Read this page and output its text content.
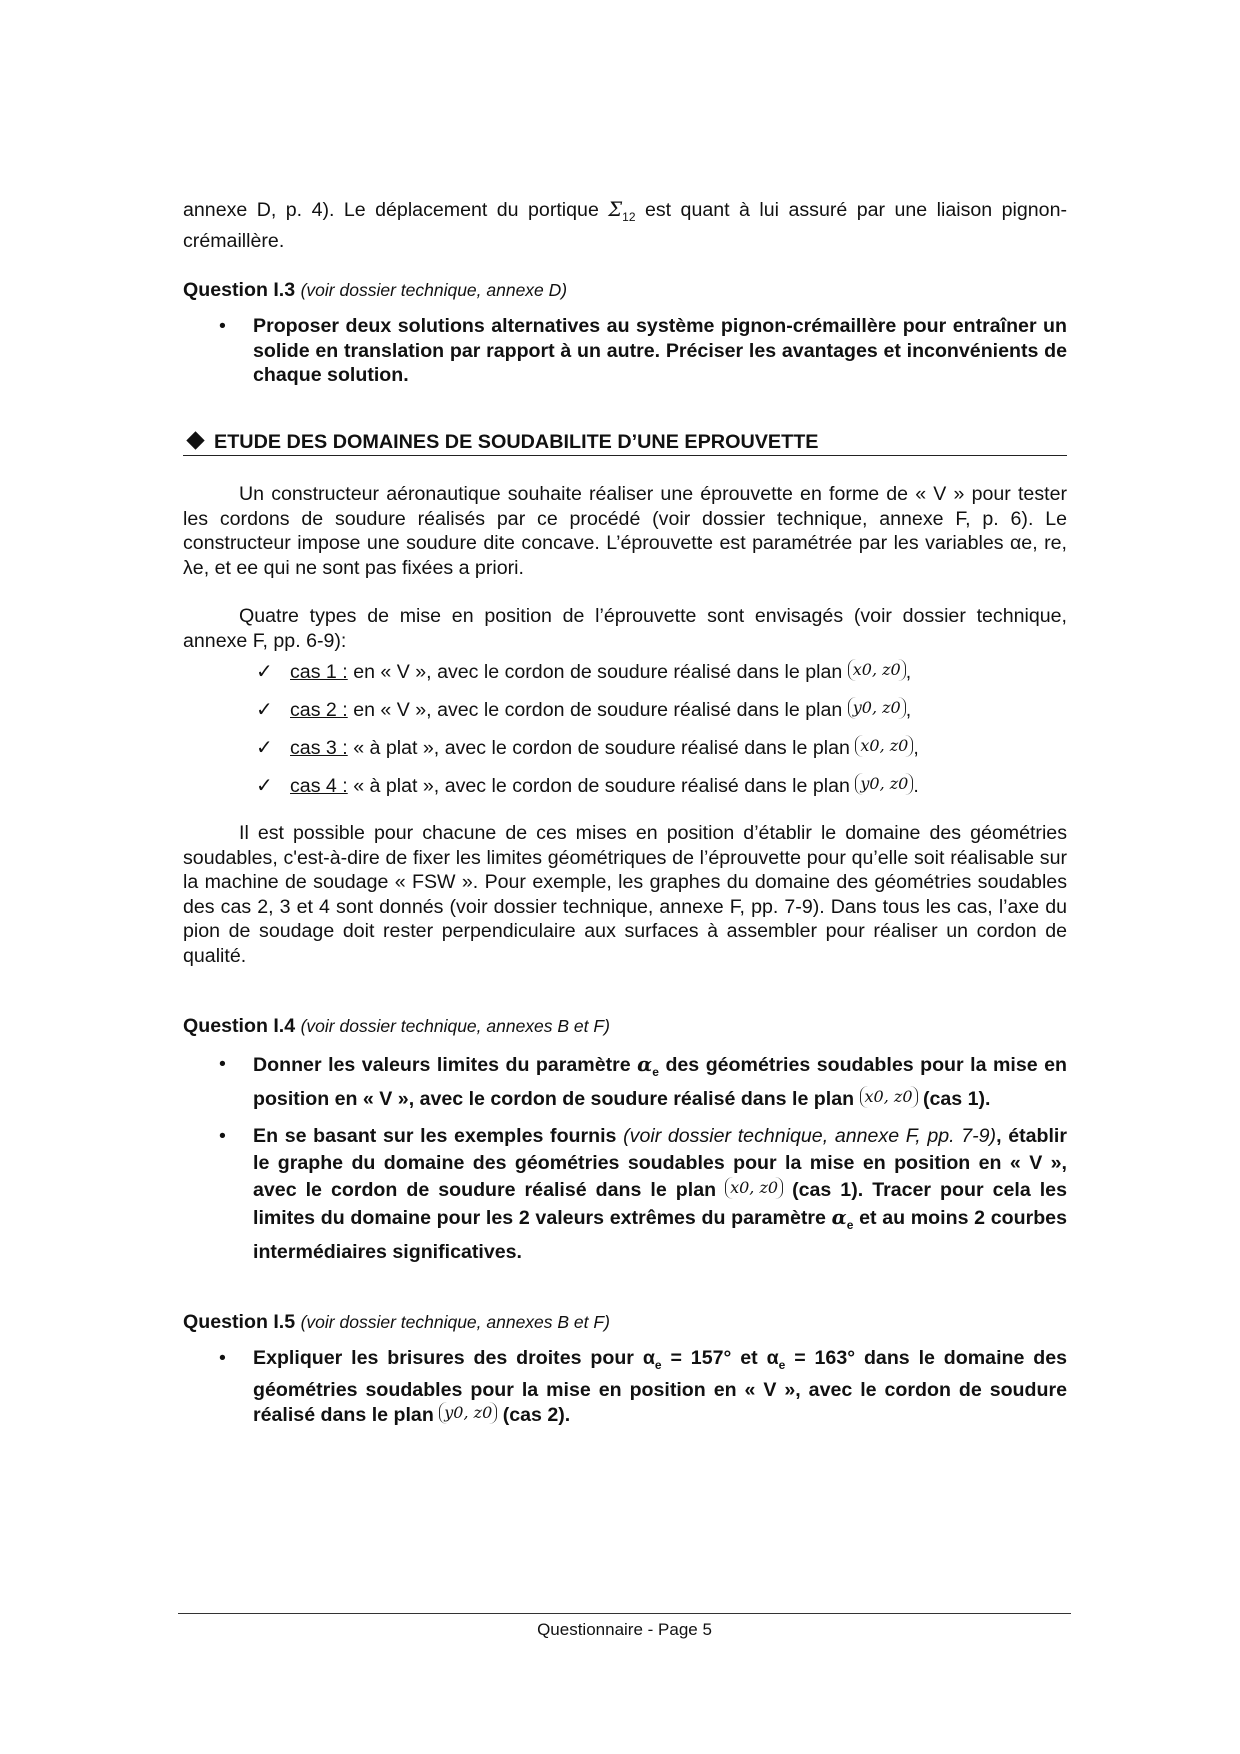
annexe D, p. 4). Le déplacement du portique $\Sigma_{12}$ est quant à lui assuré par une liaison pignon-crémaillère.

Question I.3 (voir dossier technique, annexe D)
• Proposer deux solutions alternatives au système pignon-crémaillère pour entraîner un solide en translation par rapport à un autre. Préciser les avantages et inconvénients de chaque solution.
ETUDE DES DOMAINES DE SOUDABILITE D’UNE EPROUVETTE

Un constructeur aéronautique souhaite réaliser une éprouvette en forme de « V » pour tester les cordons de soudure réalisés par ce procédé (voir dossier technique, annexe F, p. 6). Le constructeur impose une soudure dite concave. L’éprouvette est paramétrée par les variables αe, re, λe, et ee qui ne sont pas fixées a priori.

Quatre types de mise en position de l’éprouvette sont envisagés (voir dossier technique, annexe F, pp. 6-9):

✓ cas 1 : en « V », avec le cordon de soudure réalisé dans le plan x0, z0 ,
✓ cas 2 : en « V », avec le cordon de soudure réalisé dans le plan y0, z0 ,
✓ cas 3 : « à plat », avec le cordon de soudure réalisé dans le plan x0, z0 ,
✓ cas 4 : « à plat », avec le cordon de soudure réalisé dans le plan y0, z0 .

Il est possible pour chacune de ces mises en position d’établir le domaine des géométries soudables, c'est-à-dire de fixer les limites géométriques de l’éprouvette pour qu’elle soit réalisable sur la machine de soudage « FSW ». Pour exemple, les graphes du domaine des géométries soudables des cas 2, 3 et 4 sont donnés (voir dossier technique, annexe F, pp. 7-9). Dans tous les cas, l’axe du pion de soudage doit rester perpendiculaire aux surfaces à assembler pour réaliser un cordon de qualité.

Question I.4 (voir dossier technique, annexes B et F)
• Donner les valeurs limites du paramètre $\alpha_e$ des géométries soudables pour la mise en position en « V », avec le cordon de soudure réalisé dans le plan x0, z0 (cas 1).
• En se basant sur les exemples fournis (voir dossier technique, annexe F, pp. 7-9), établir le graphe du domaine des géométries soudables pour la mise en position en « V », avec le cordon de soudure réalisé dans le plan x0, z0 (cas 1). Tracer pour cela les limites du domaine pour les 2 valeurs extrêmes du paramètre $\alpha_e$ et au moins 2 courbes intermédiaires significatives.
Question I.5 (voir dossier technique, annexes B et F)
• Expliquer les brisures des droites pour $\alpha_e = 157^\circ$ et $\alpha_e = 163^\circ$ dans le domaine des géométries soudables pour la mise en position en « V », avec le cordon de soudure réalisé dans le plan y0, z0 (cas 2).
Questionnaire - Page 5
